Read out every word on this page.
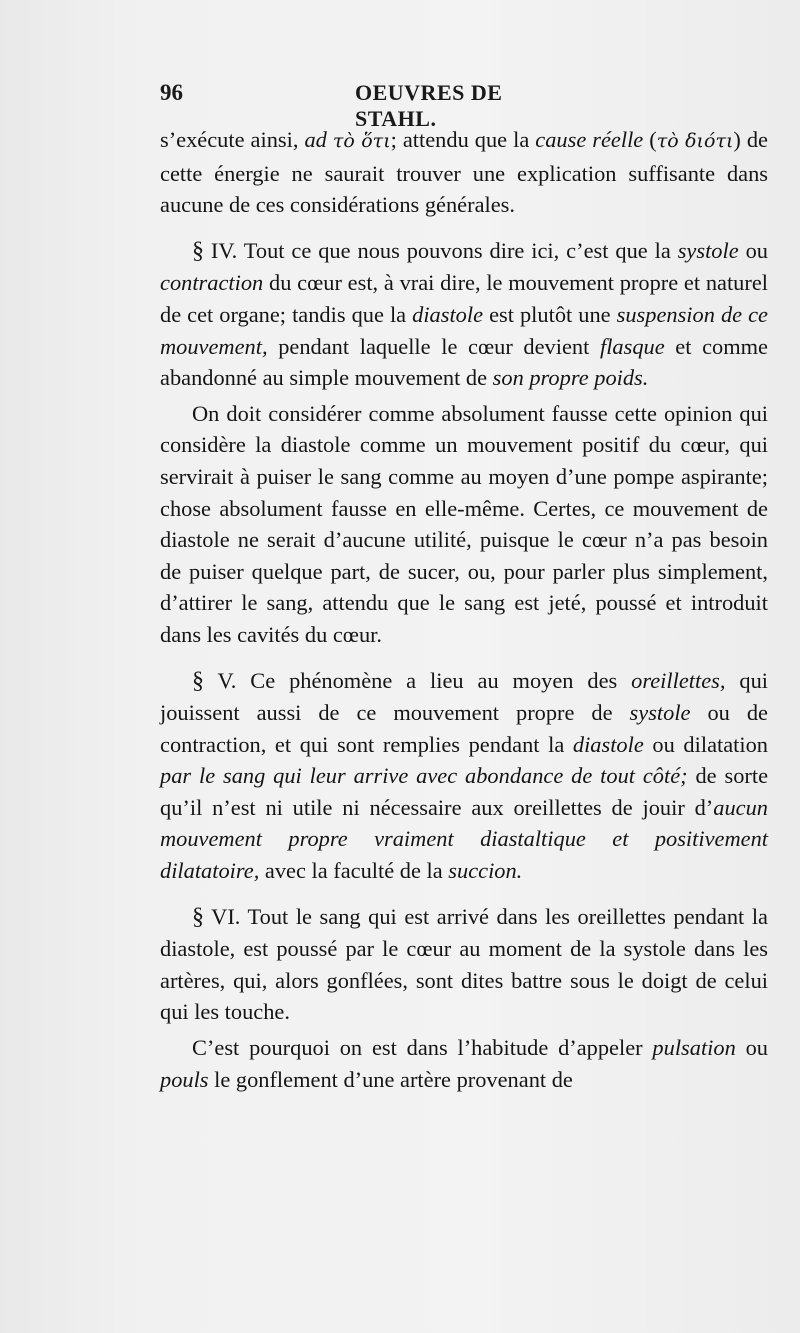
96	OEUVRES DE STAHL.

s’exécute ainsi, ad τὸ ὅτι; attendu que la cause réelle (τὸ διότι) de cette énergie ne saurait trouver une explication suffisante dans aucune de ces considérations générales.

§ IV. Tout ce que nous pouvons dire ici, c’est que la systole ou contraction du cœur est, à vrai dire, le mouvement propre et naturel de cet organe; tandis que la diastole est plutôt une suspension de ce mouvement, pendant laquelle le cœur devient flasque et comme abandonné au simple mouvement de son propre poids.

On doit considérer comme absolument fausse cette opinion qui considère la diastole comme un mouvement positif du cœur, qui servirait à puiser le sang comme au moyen d’une pompe aspirante; chose absolument fausse en elle-même. Certes, ce mouvement de diastole ne serait d’aucune utilité, puisque le cœur n’a pas besoin de puiser quelque part, de sucer, ou, pour parler plus simplement, d’attirer le sang, attendu que le sang est jeté, poussé et introduit dans les cavités du cœur.

§ V. Ce phénomène a lieu au moyen des oreillettes, qui jouissent aussi de ce mouvement propre de systole ou de contraction, et qui sont remplies pendant la diastole ou dilatation par le sang qui leur arrive avec abondance de tout côté; de sorte qu’il n’est ni utile ni nécessaire aux oreillettes de jouir d’aucun mouvement propre vraiment diastaltique et positivement dilatatoire, avec la faculté de la succion.

§ VI. Tout le sang qui est arrivé dans les oreillettes pendant la diastole, est poussé par le cœur au moment de la systole dans les artères, qui, alors gonflées, sont dites battre sous le doigt de celui qui les touche.

C’est pourquoi on est dans l’habitude d’appeler pulsation ou pouls le gonflement d’une artère provenant de
